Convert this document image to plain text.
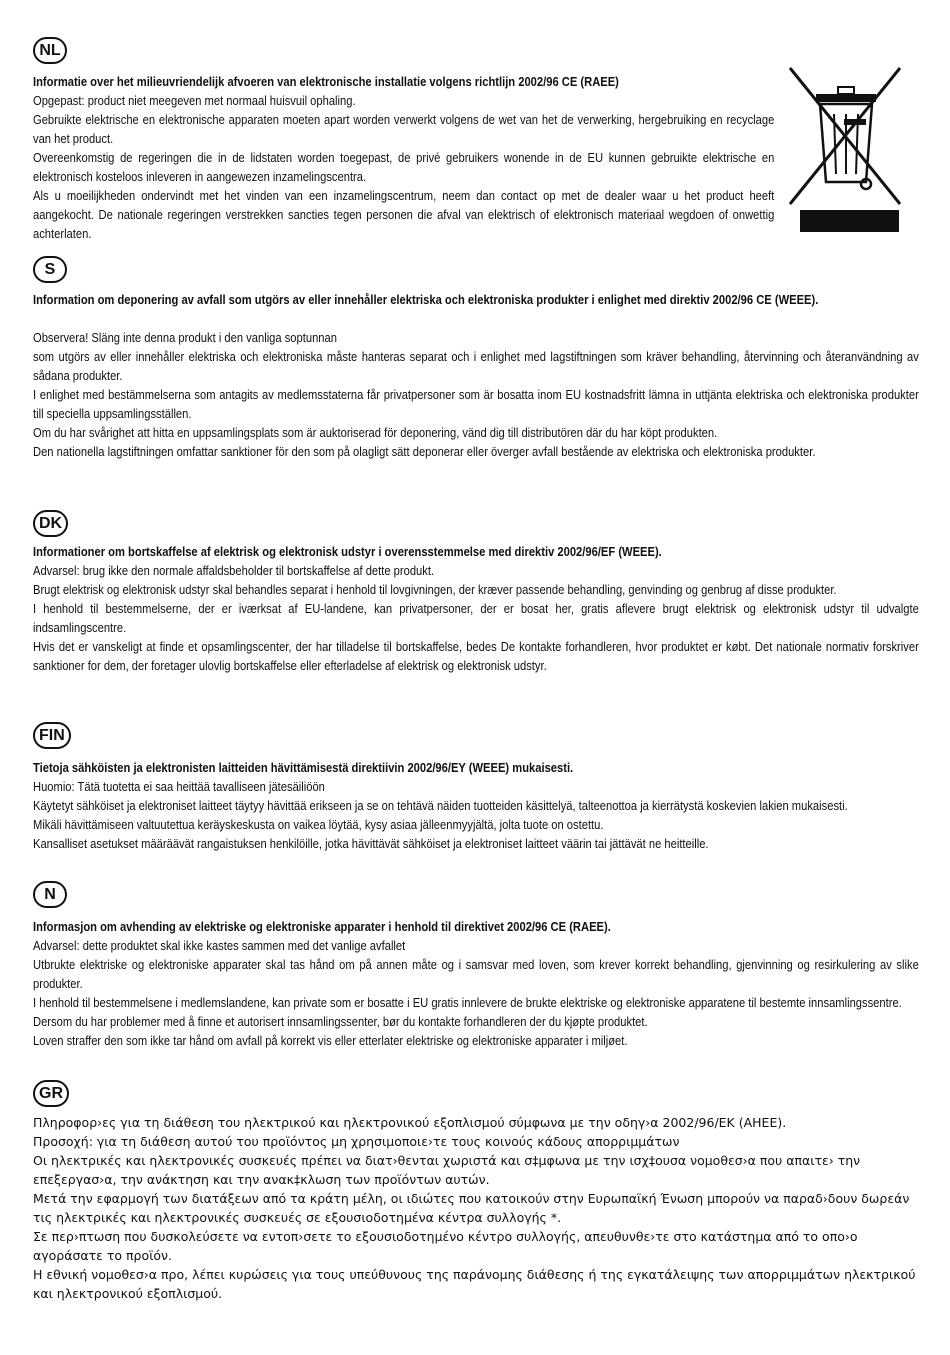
NL
Informatie over het milieuvriendelijk afvoeren van elektronische installatie volgens richtlijn 2002/96 CE (RAEE)

Opgepast: product niet meegeven met normaal huisvuil ophaling.

Gebruikte elektrische en elektronische apparaten moeten apart worden verwerkt volgens de wet van het de verwerking, hergebruiking en recyclage van het product.

Overeenkomstig de regeringen die in de lidstaten worden toegepast, de privé gebruikers wonende in de EU kunnen gebruikte elektrische en elektronisch kosteloos inleveren in aangewezen inzamelingscentra.

Als u moeilijkheden ondervindt met het vinden van een inzamelingscentrum, neem dan contact op met de dealer waar u het product heeft aangekocht. De nationale regeringen verstrekken sancties tegen personen die afval van elektrisch of elektronisch materiaal wegdoen of onwettig achterlaten.

S
Information om deponering av avfall som utgörs av eller innehåller elektriska och elektroniska produkter i enlighet med direktiv 2002/96 CE (WEEE).

Observera! Släng inte denna produkt i den vanliga soptunnan

som utgörs av eller innehåller elektriska och elektroniska måste hanteras separat och i enlighet med lagstiftningen som kräver behandling, återvinning och återanvändning av sådana produkter.

I enlighet med bestämmelserna som antagits av medlemsstaterna får privatpersoner som är bosatta inom EU kostnadsfritt lämna in uttjänta elektriska och elektroniska produkter till speciella uppsamlingsställen.

Om du har svårighet att hitta en uppsamlingsplats som är auktoriserad för deponering, vänd dig till distributören där du har köpt produkten.

Den nationella lagstiftningen omfattar sanktioner för den som på olagligt sätt deponerar eller överger avfall bestående av elektriska och elektroniska produkter.

DK
Informationer om bortskaffelse af elektrisk og elektronisk udstyr i overensstemmelse med direktiv 2002/96/EF (WEEE).

Advarsel: brug ikke den normale affaldsbeholder til bortskaffelse af dette produkt.

Brugt elektrisk og elektronisk udstyr skal behandles separat i henhold til lovgivningen, der kræver passende behandling, genvinding og genbrug af disse produkter.

I henhold til bestemmelserne, der er iværksat af EU-landene, kan privatpersoner, der er bosat her, gratis aflevere brugt elektrisk og elektronisk udstyr til udvalgte indsamlingscentre.

Hvis det er vanskeligt at finde et opsamlingscenter, der har tilladelse til bortskaffelse, bedes De kontakte forhandleren, hvor produktet er købt. Det nationale normativ forskriver sanktioner for dem, der foretager ulovlig bortskaffelse eller efterladelse af elektrisk og elektronisk udstyr.

FIN
Tietoja sähköisten ja elektronisten laitteiden hävittämisestä direktiivin 2002/96/EY (WEEE) mukaisesti.

Huomio: Tätä tuotetta ei saa heittää tavalliseen jätesäiliöön

Käytetyt sähköiset ja elektroniset laitteet täytyy hävittää erikseen ja se on tehtävä näiden tuotteiden käsittelyä, talteenottoa ja kierrätystä koskevien lakien mukaisesti.

Mikäli hävittämiseen valtuutettua keräyskeskusta on vaikea löytää, kysy asiaa jälleenmyyjältä, jolta tuote on ostettu.

Kansalliset asetukset määräävät rangaistuksen henkilöille, jotka hävittävät sähköiset ja elektroniset laitteet väärin tai jättävät ne heitteille.

N
Informasjon om avhending av elektriske og elektroniske apparater i henhold til direktivet 2002/96 CE (RAEE).

Advarsel: dette produktet skal ikke kastes sammen med det vanlige avfallet

Utbrukte elektriske og elektroniske apparater skal tas hånd om på annen måte og i samsvar med loven, som krever korrekt behandling, gjenvinning og resirkulering av slike produkter.

I henhold til bestemmelsene i medlemslandene, kan private som er bosatte i EU gratis innlevere de brukte elektriske og elektroniske apparatene til bestemte innsamlingssentre.

Dersom du har problemer med å finne et autorisert innsamlingssenter, bør du kontakte forhandleren der du kjøpte produktet.

Loven straffer den som ikke tar hånd om avfall på korrekt vis eller etterlater elektriske og elektroniske apparater i miljøet.

GR

Πληροφορ›ες για τη διάθεση του ηλεκτρικού και ηλεκτρονικού εξοπλισμού σύμφωνα με την οδηγ›α 2002/96/EK (AHEE).

Προσοχή: για τη διάθεση αυτού του προϊόντος μη χρησιμοποιε›τε τους κοινούς κάδους απορριμμάτων

Οι ηλεκτρικές και ηλεκτρονικές συσκευές πρέπει να διατ›θενται χωριστά και σ‡μφωνα με την ισχ‡ουσα νομοθεσ›α που απαιτε› την επεξεργασ›α, την ανάκτηση και την ανακ‡κλωση των προϊόντων αυτών.

Μετά την εφαρμογή των διατάξεων από τα κράτη μέλη, οι ιδιώτες που κατοικούν στην Ευρωπαϊκή Ένωση μπορούν να παραδ›δουν δωρεάν τις ηλεκτρικές και ηλεκτρονικές συσκευές σε εξουσιοδοτημένα κέντρα συλλογής *.

Σε περ›πτωση που δυσκολεύσετε να εντοπ›σετε το εξουσιοδοτημένο κέντρο συλλογής, απευθυνθε›τε στο κατάστημα από το οπο›ο αγοράσατε το προϊόν.

Η εθνική νομοθεσ›α προ, λέπει κυρώσεις για τους υπεύθυνους της παράνομης διάθεσης ή της εγκατάλειψης των απορριμμάτων ηλεκτρικού και ηλεκτρονικού εξοπλισμού.
